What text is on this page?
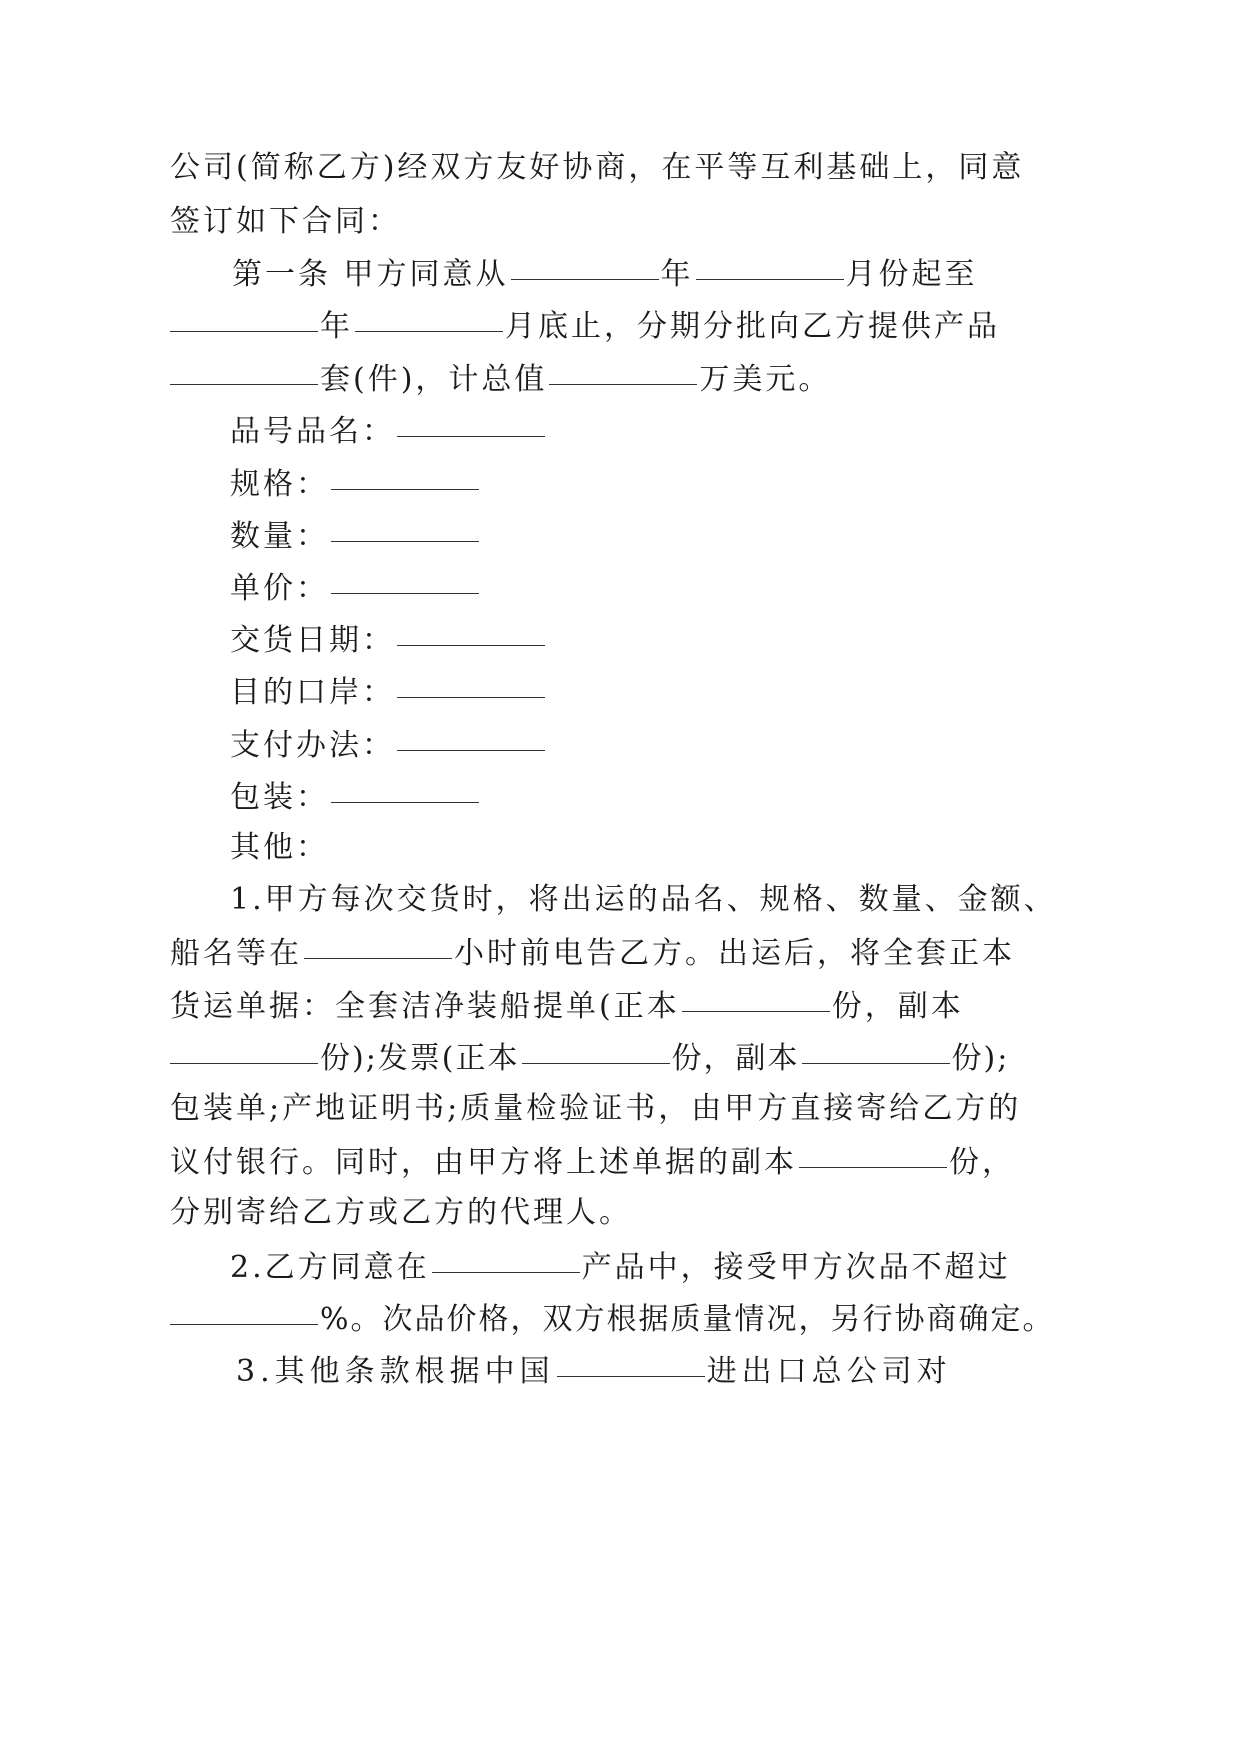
公司(简称乙方)经双方友好协商，在平等互利基础上，同意
签订如下合同：
第一条 甲方同意从	年	月份起至
年	月底止，分期分批向乙方提供产品
套(件)，计总值	万美元。
品号品名：
规格：
数量：
单价：
交货日期：
目的口岸：
支付办法：
包装：
其他：
1.甲方每次交货时，将出运的品名、规格、数量、金额、
船名等在	小时前电告乙方。出运后，将全套正本
货运单据：全套洁净装船提单(正本	份，副本
份);发票(正本	份，副本	份);
包装单;产地证明书;质量检验证书，由甲方直接寄给乙方的
议付银行。同时，由甲方将上述单据的副本	份，
分别寄给乙方或乙方的代理人。
2.乙方同意在	产品中，接受甲方次品不超过
%。次品价格，双方根据质量情况，另行协商确定。
3.其他条款根据中国	进出口总公司对
